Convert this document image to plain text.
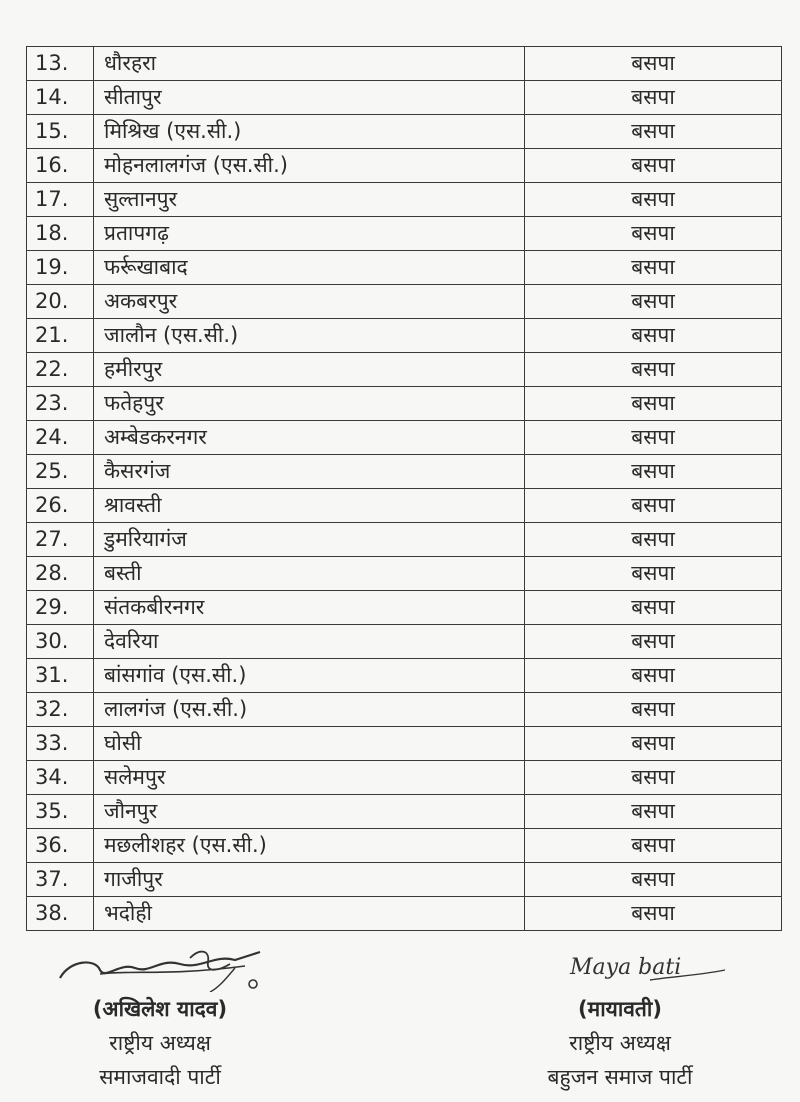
13.	धौरहरा	बसपा
14.	सीतापुर	बसपा
15.	मिश्रिख (एस.सी.)	बसपा
16.	मोहनलालगंज (एस.सी.)	बसपा
17.	सुल्तानपुर	बसपा
18.	प्रतापगढ़	बसपा
19.	फर्रूखाबाद	बसपा
20.	अकबरपुर	बसपा
21.	जालौन (एस.सी.)	बसपा
22.	हमीरपुर	बसपा
23.	फतेहपुर	बसपा
24.	अम्बेडकरनगर	बसपा
25.	कैसरगंज	बसपा
26.	श्रावस्ती	बसपा
27.	डुमरियागंज	बसपा
28.	बस्ती	बसपा
29.	संतकबीरनगर	बसपा
30.	देवरिया	बसपा
31.	बांसगांव (एस.सी.)	बसपा
32.	लालगंज (एस.सी.)	बसपा
33.	घोसी	बसपा
34.	सलेमपुर	बसपा
35.	जौनपुर	बसपा
36.	मछलीशहर (एस.सी.)	बसपा
37.	गाजीपुर	बसपा
38.	भदोही	बसपा
(अखिलेश यादव)
राष्ट्रीय अध्यक्ष
समाजवादी पार्टी
Maya bati
(मायावती)
राष्ट्रीय अध्यक्ष
बहुजन समाज पार्टी
